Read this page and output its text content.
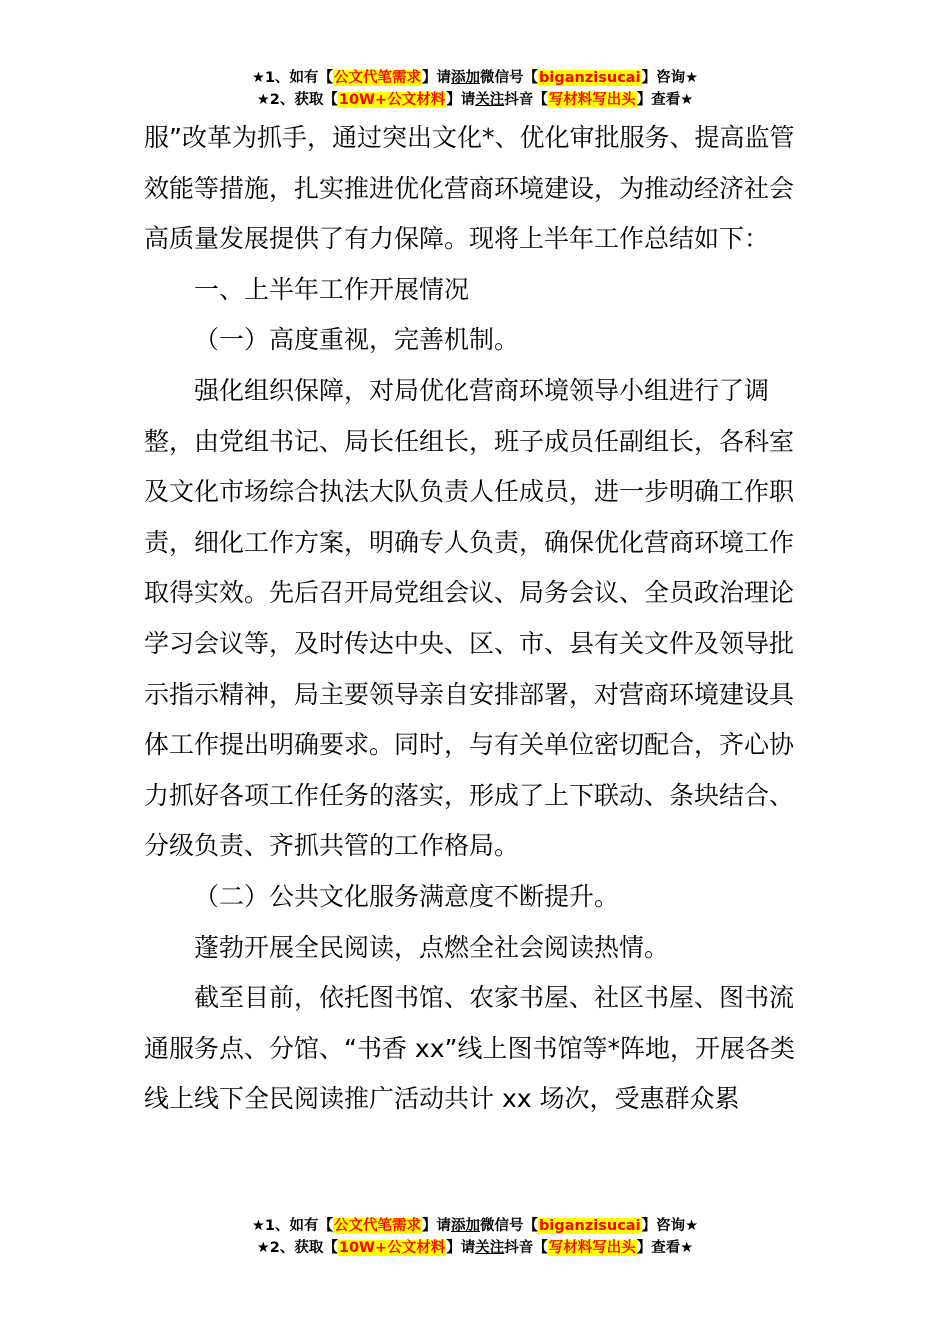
★1、如有【公文代笔需求】请添加微信号【biganzisucai】咨询★
★2、获取【10W+公文材料】请关注抖音【写材料写出头】查看★

服”改革为抓手，通过突出文化*、优化审批服务、提高监管效能等措施，扎实推进优化营商环境建设，为推动经济社会高质量发展提供了有力保障。现将上半年工作总结如下：

一、上半年工作开展情况

（一）高度重视，完善机制。

强化组织保障，对局优化营商环境领导小组进行了调整，由党组书记、局长任组长，班子成员任副组长，各科室及文化市场综合执法大队负责人任成员，进一步明确工作职责，细化工作方案，明确专人负责，确保优化营商环境工作取得实效。先后召开局党组会议、局务会议、全员政治理论学习会议等，及时传达中央、区、市、县有关文件及领导批示指示精神，局主要领导亲自安排部署，对营商环境建设具体工作提出明确要求。同时，与有关单位密切配合，齐心协力抓好各项工作任务的落实，形成了上下联动、条块结合、分级负责、齐抓共管的工作格局。

（二）公共文化服务满意度不断提升。

蓬勃开展全民阅读，点燃全社会阅读热情。

截至目前，依托图书馆、农家书屋、社区书屋、图书流通服务点、分馆、“书香 xx”线上图书馆等*阵地，开展各类线上线下全民阅读推广活动共计 xx 场次，受惠群众累

★1、如有【公文代笔需求】请添加微信号【biganzisucai】咨询★
★2、获取【10W+公文材料】请关注抖音【写材料写出头】查看★
